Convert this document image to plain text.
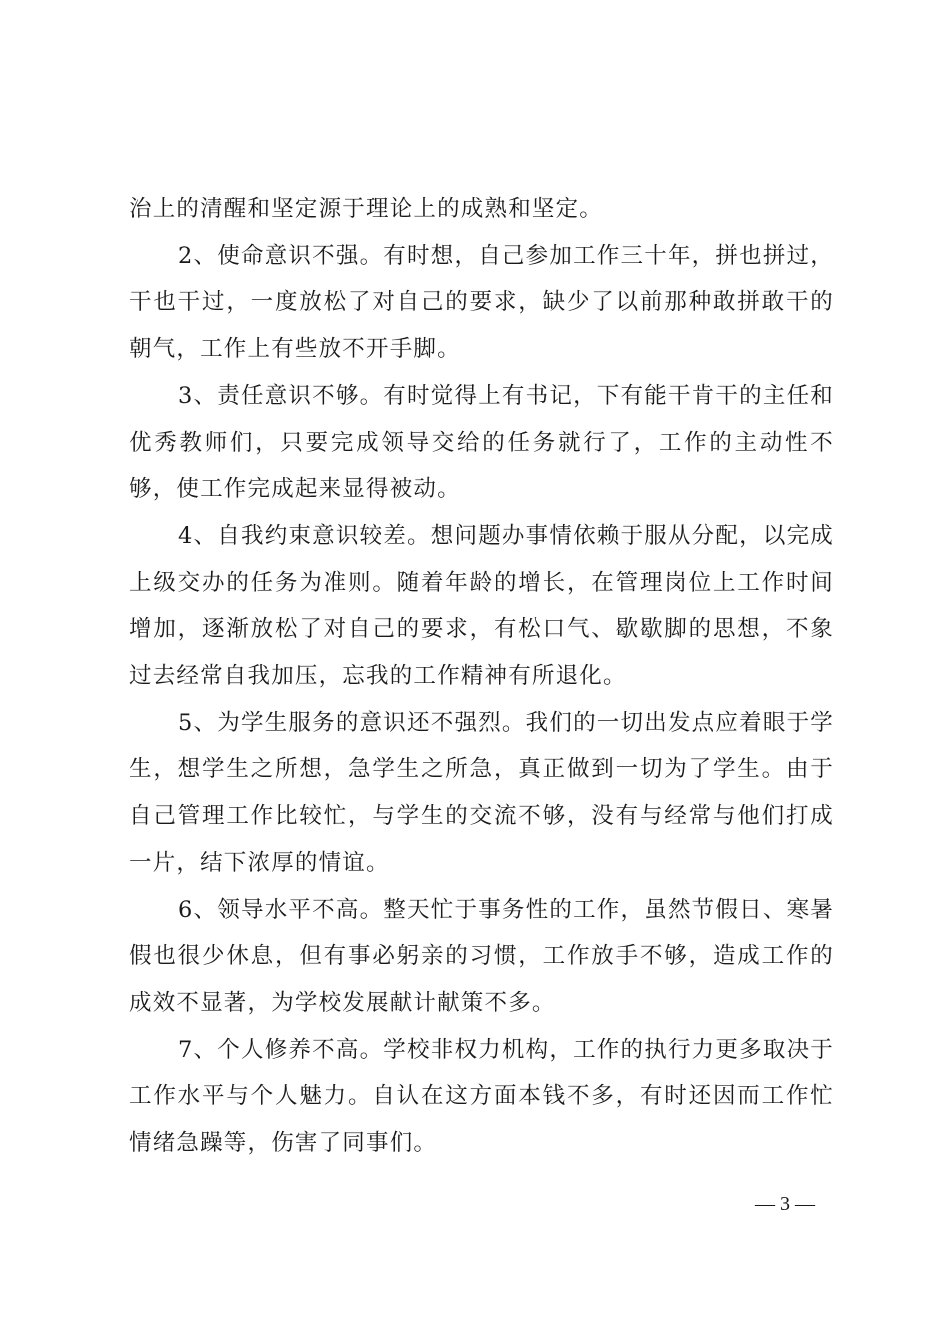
治上的清醒和坚定源于理论上的成熟和坚定。

2、使命意识不强。有时想，自己参加工作三十年，拼也拼过，干也干过，一度放松了对自己的要求，缺少了以前那种敢拼敢干的朝气，工作上有些放不开手脚。

3、责任意识不够。有时觉得上有书记，下有能干肯干的主任和优秀教师们，只要完成领导交给的任务就行了，工作的主动性不够，使工作完成起来显得被动。

4、自我约束意识较差。想问题办事情依赖于服从分配，以完成上级交办的任务为准则。随着年龄的增长，在管理岗位上工作时间增加，逐渐放松了对自己的要求，有松口气、歇歇脚的思想，不象过去经常自我加压，忘我的工作精神有所退化。

5、为学生服务的意识还不强烈。我们的一切出发点应着眼于学生，想学生之所想，急学生之所急，真正做到一切为了学生。由于自己管理工作比较忙，与学生的交流不够，没有与经常与他们打成一片，结下浓厚的情谊。

6、领导水平不高。整天忙于事务性的工作，虽然节假日、寒暑假也很少休息，但有事必躬亲的习惯，工作放手不够，造成工作的成效不显著，为学校发展献计献策不多。

7、个人修养不高。学校非权力机构，工作的执行力更多取决于工作水平与个人魅力。自认在这方面本钱不多，有时还因而工作忙情绪急躁等，伤害了同事们。

— 3 —
